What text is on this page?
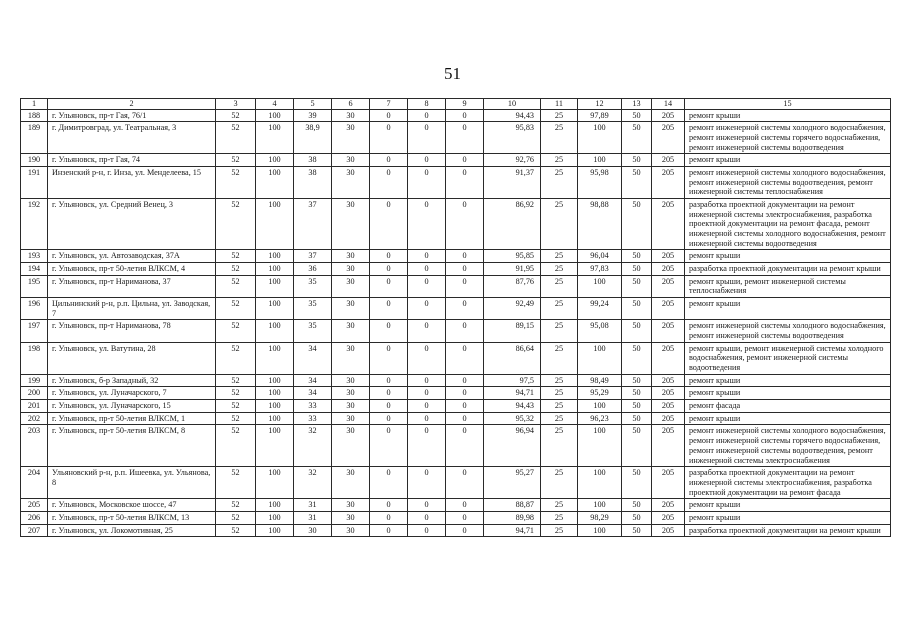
51
1	2	3	4	5	6	7	8	9	10	11	12	13	14	15
188	г. Ульяновск, пр-т Гая, 76/1	52	100	39	30	0	0	0	94,43	25	97,89	50	205	ремонт крыши
189	г. Димитровград, ул. Театральная, 3	52	100	38,9	30	0	0	0	95,83	25	100	50	205	ремонт инженерной системы холодного водоснабжения, ремонт инженерной системы горячего водоснабжения, ремонт инженерной системы водоотведения
190	г. Ульяновск, пр-т Гая, 74	52	100	38	30	0	0	0	92,76	25	100	50	205	ремонт крыши
191	Инзенский р-н, г. Инза, ул. Менделеева, 15	52	100	38	30	0	0	0	91,37	25	95,98	50	205	ремонт инженерной системы холодного водоснабжения, ремонт инженерной системы водоотведения, ремонт инженерной системы теплоснабжения
192	г. Ульяновск, ул. Средний Венец, 3	52	100	37	30	0	0	0	86,92	25	98,88	50	205	разработка проектной документации на ремонт инженерной системы электроснабжения, разработка проектной документации на ремонт фасада, ремонт инженерной системы холодного водоснабжения, ремонт инженерной системы водоотведения
193	г. Ульяновск, ул. Автозаводская, 37А	52	100	37	30	0	0	0	95,85	25	96,04	50	205	ремонт крыши
194	г. Ульяновск, пр-т 50-летия ВЛКСМ, 4	52	100	36	30	0	0	0	91,95	25	97,83	50	205	разработка проектной документации на ремонт крыши
195	г. Ульяновск, пр-т Нариманова, 37	52	100	35	30	0	0	0	87,76	25	100	50	205	ремонт крыши, ремонт инженерной системы теплоснабжения
196	Цильнинский р-н, р.п. Цильна, ул. Заводская, 7	52	100	35	30	0	0	0	92,49	25	99,24	50	205	ремонт крыши
197	г. Ульяновск, пр-т Нариманова, 78	52	100	35	30	0	0	0	89,15	25	95,08	50	205	ремонт инженерной системы холодного водоснабжения, ремонт инженерной системы водоотведения
198	г. Ульяновск, ул. Ватутина, 28	52	100	34	30	0	0	0	86,64	25	100	50	205	ремонт крыши, ремонт инженерной системы холодного водоснабжения, ремонт инженерной системы водоотведения
199	г. Ульяновск, б-р Западный, 32	52	100	34	30	0	0	0	97,5	25	98,49	50	205	ремонт крыши
200	г. Ульяновск, ул. Луначарского, 7	52	100	34	30	0	0	0	94,71	25	95,29	50	205	ремонт крыши
201	г. Ульяновск, ул. Луначарского, 15	52	100	33	30	0	0	0	94,43	25	100	50	205	ремонт фасада
202	г. Ульяновск, пр-т 50-летия ВЛКСМ, 1	52	100	33	30	0	0	0	95,32	25	96,23	50	205	ремонт крыши
203	г. Ульяновск, пр-т 50-летия ВЛКСМ, 8	52	100	32	30	0	0	0	96,94	25	100	50	205	ремонт инженерной системы холодного водоснабжения, ремонт инженерной системы горячего водоснабжения, ремонт инженерной системы водоотведения, ремонт инженерной системы электроснабжения
204	Ульяновский р-н, р.п. Ишеевка, ул. Ульянова, 8	52	100	32	30	0	0	0	95,27	25	100	50	205	разработка проектной документации на ремонт инженерной системы электроснабжения, разработка проектной документации на ремонт фасада
205	г. Ульяновск, Московское шоссе, 47	52	100	31	30	0	0	0	88,87	25	100	50	205	ремонт крыши
206	г. Ульяновск, пр-т 50-летия ВЛКСМ, 13	52	100	31	30	0	0	0	89,98	25	98,29	50	205	ремонт крыши
207	г. Ульяновск, ул. Локомотивная, 25	52	100	30	30	0	0	0	94,71	25	100	50	205	разработка проектной документации на ремонт крыши
